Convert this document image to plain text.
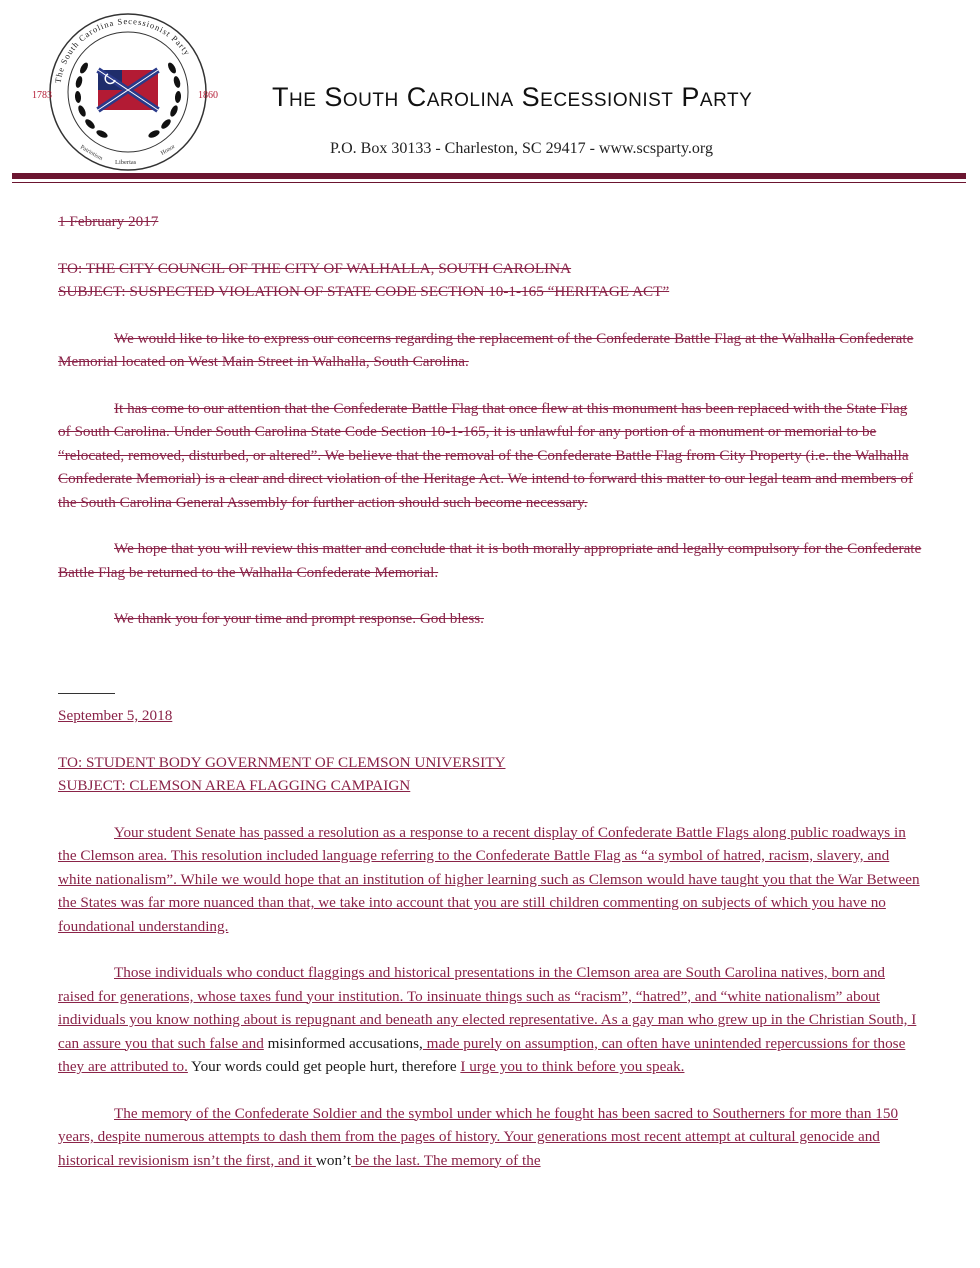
The South Carolina Secessionist Party
1783	1860
Patriotism
Libertas
Honor
The South Carolina Secessionist Party
P.O. Box 30133 - Charleston, SC 29417 - www.scsparty.org

1 February 2017

TO: THE CITY COUNCIL OF THE CITY OF WALHALLA, SOUTH CAROLINA

SUBJECT: SUSPECTED VIOLATION OF STATE CODE SECTION 10-1-165 “HERITAGE ACT”

We would like to like to express our concerns regarding the replacement of the Confederate Battle Flag at the Walhalla Confederate Memorial located on West Main Street in Walhalla, South Carolina.

It has come to our attention that the Confederate Battle Flag that once flew at this monument has been replaced with the State Flag of South Carolina. Under South Carolina State Code Section 10-1-165, it is unlawful for any portion of a monument or memorial to be “relocated, removed, disturbed, or altered”. We believe that the removal of the Confederate Battle Flag from City Property (i.e. the Walhalla Confederate Memorial) is a clear and direct violation of the Heritage Act. We intend to forward this matter to our legal team and members of the South Carolina General Assembly for further action should such become necessary.

We hope that you will review this matter and conclude that it is both morally appropriate and legally compulsory for the Confederate Battle Flag be returned to the Walhalla Confederate Memorial.

We thank you for your time and prompt response. God bless.

September 5, 2018

TO: STUDENT BODY GOVERNMENT OF CLEMSON UNIVERSITY

SUBJECT: CLEMSON AREA FLAGGING CAMPAIGN

Your student Senate has passed a resolution as a response to a recent display of Confederate Battle Flags along public roadways in the Clemson area. This resolution included language referring to the Confederate Battle Flag as “a symbol of hatred, racism, slavery, and white nationalism”. While we would hope that an institution of higher learning such as Clemson would have taught you that the War Between the States was far more nuanced than that, we take into account that you are still children commenting on subjects of which you have no foundational understanding.

Those individuals who conduct flaggings and historical presentations in the Clemson area are South Carolina natives, born and raised for generations, whose taxes fund your institution. To insinuate things such as “racism”, “hatred”, and “white nationalism” about individuals you know nothing about is repugnant and beneath any elected representative. As a gay man who grew up in the Christian South, I can assure you that such false and misinformed accusations, made purely on assumption, can often have unintended repercussions for those they are attributed to. Your words could get people hurt, therefore I urge you to think before you speak.

The memory of the Confederate Soldier and the symbol under which he fought has been sacred to Southerners for more than 150 years, despite numerous attempts to dash them from the pages of history. Your generations most recent attempt at cultural genocide and historical revisionism isn’t the first, and it won’t be the last. The memory of the
